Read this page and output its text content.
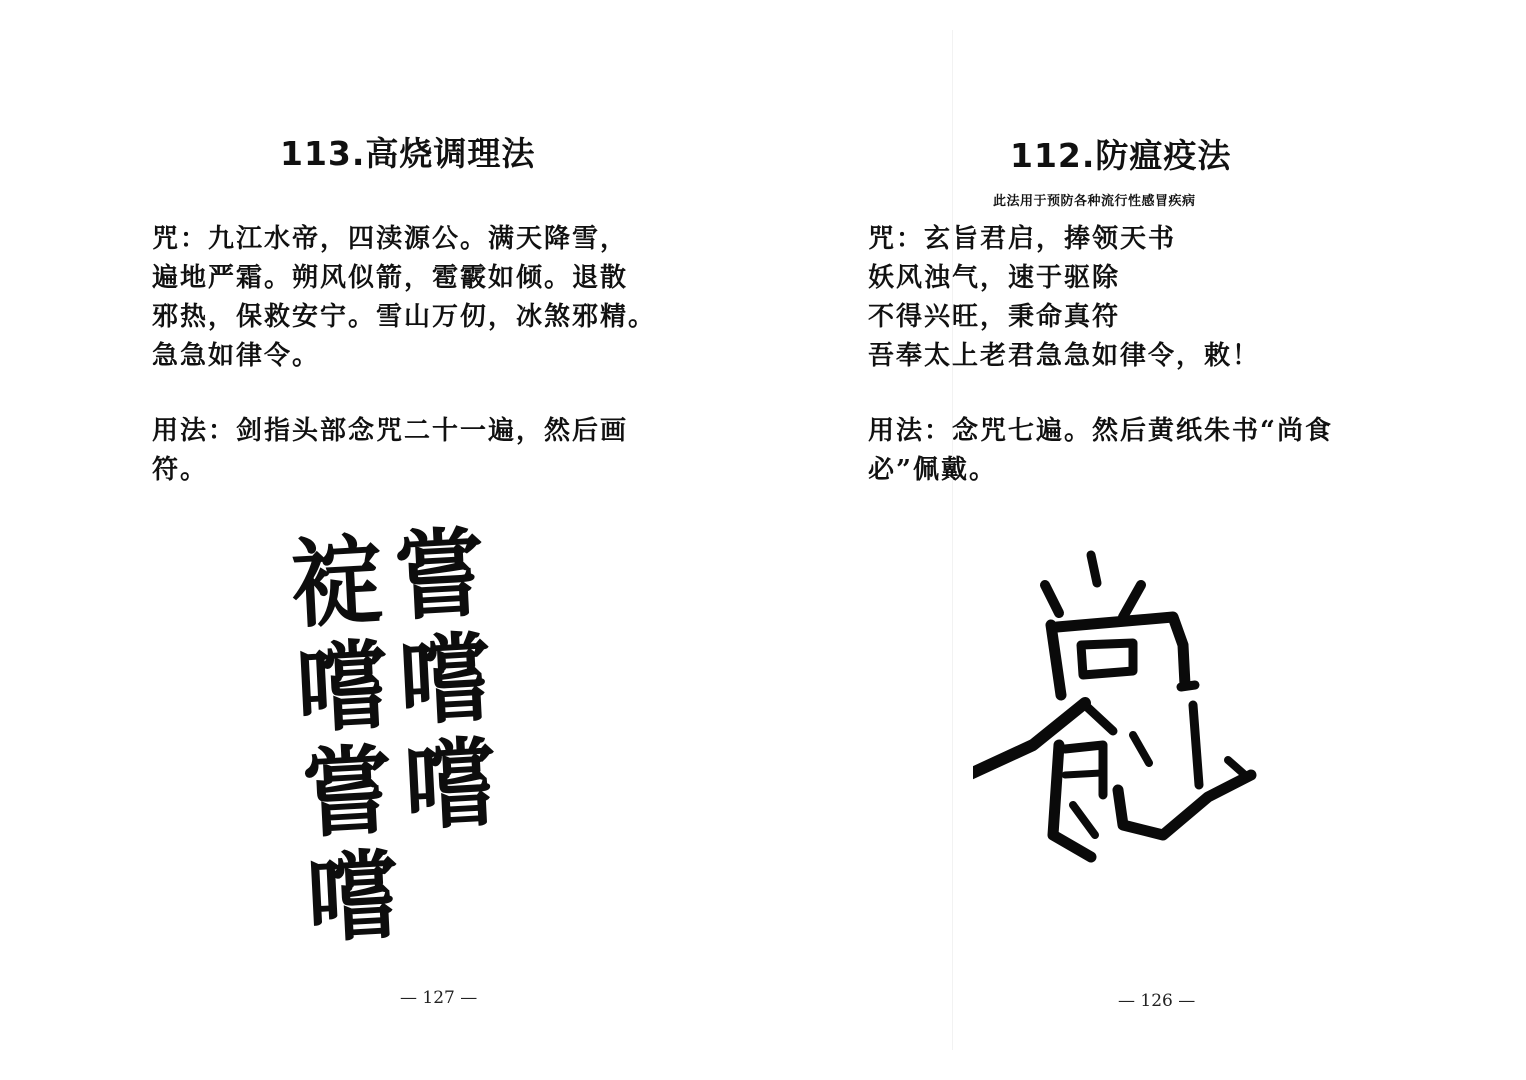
113.高烧调理法

咒：九江水帝，四渎源公。满天降雪，

遍地严霜。朔风似箭，雹霰如倾。退散

邪热，保救安宁。雪山万仞，冰煞邪精。

急急如律令。

用法：剑指头部念咒二十一遍，然后画

符。

䘺
嚐
嘗
嚐
嘗
嚐
嚐
— 127 —
112.防瘟疫法
此法用于预防各种流行性感冒疾病

咒：玄旨君启，捧领天书

妖风浊气，速于驱除

不得兴旺，秉命真符

吾奉太上老君急急如律令，敕！

用法：念咒七遍。然后黄纸朱书“尚食

必”佩戴。

— 126 —
